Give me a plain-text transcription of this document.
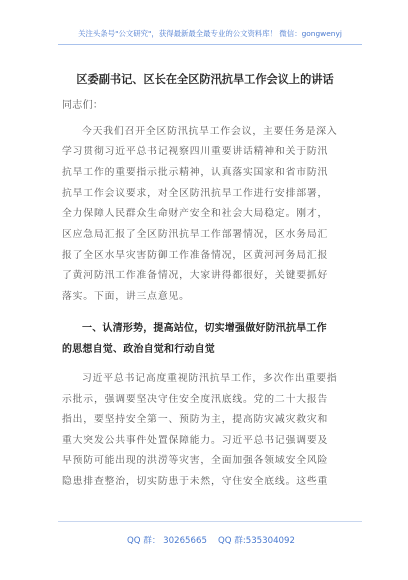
关注头条号"公文研究"，获得最新最全最专业的公文资料库！ 微信：gongwenyj
区委副书记、区长在全区防汛抗旱工作会议上的讲话
同志们：
今天我们召开全区防汛抗旱工作会议，主要任务是深入
学习贯彻习近平总书记视察四川重要讲话精神和关于防汛
抗旱工作的重要指示批示精神，认真落实国家和省市防汛
抗旱工作会议要求，对全区防汛抗旱工作进行安排部署，
全力保障人民群众生命财产安全和社会大局稳定。刚才，
区应急局汇报了全区防汛抗旱工作部署情况，区水务局汇
报了全区水旱灾害防御工作准备情况，区黄河河务局汇报
了黄河防汛工作准备情况，大家讲得都很好，关键要抓好
落实。下面，讲三点意见。
一、认清形势，提高站位，切实增强做好防汛抗旱工作
的思想自觉、政治自觉和行动自觉
习近平总书记高度重视防汛抗旱工作，多次作出重要指
示批示，强调要坚决守住安全度汛底线。党的二十大报告
指出，要坚持安全第一、预防为主，提高防灾减灾救灾和
重大突发公共事件处置保障能力。习近平总书记强调要及
早预防可能出现的洪涝等灾害，全面加强各领域安全风险
隐患排查整治，切实防患于未然，守住安全底线。这些重
QQ 群： 30265665 QQ 群:535304092
